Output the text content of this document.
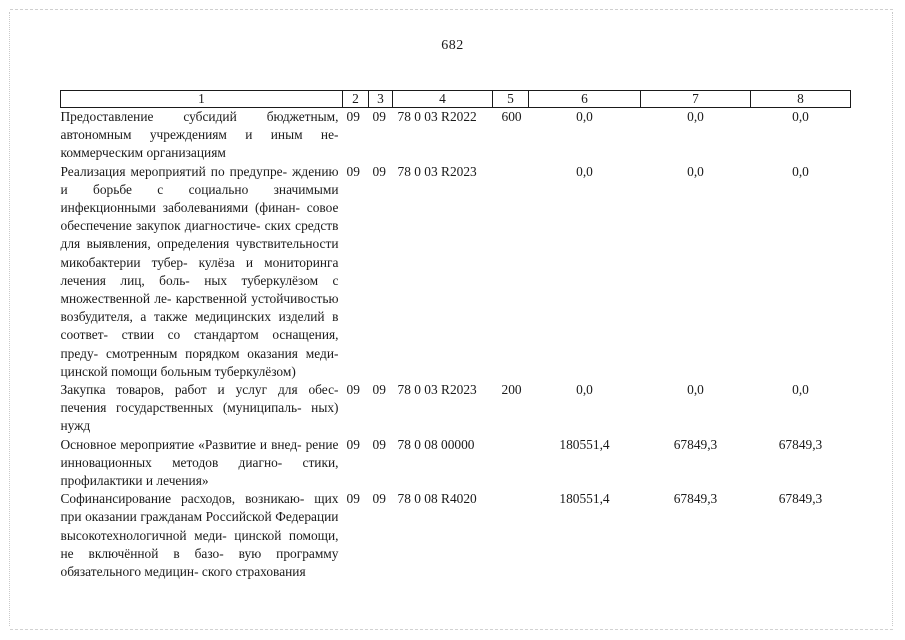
682
1	2	3	4	5	6	7	8
Предоставление субсидий бюджетным, автономным учреждениям и иным не- коммерческим организациям	09	09	78 0 03 R2022	600	0,0	0,0	0,0
Реализация мероприятий по предупре- ждению и борьбе с социально значимыми инфекционными заболеваниями (финан- совое обеспечение закупок диагностиче- ских средств для выявления, определения чувствительности микобактерии тубер- кулёза и мониторинга лечения лиц, боль- ных туберкулёзом с множественной ле- карственной устойчивостью возбудителя, а также медицинских изделий в соответ- ствии со стандартом оснащения, преду- смотренным порядком оказания меди- цинской помощи больным туберкулёзом)	09	09	78 0 03 R2023		0,0	0,0	0,0
Закупка товаров, работ и услуг для обес- печения государственных (муниципаль- ных) нужд	09	09	78 0 03 R2023	200	0,0	0,0	0,0
Основное мероприятие «Развитие и внед- рение инновационных методов диагно- стики, профилактики и лечения»	09	09	78 0 08 00000		180551,4	67849,3	67849,3
Софинансирование расходов, возникаю- щих при оказании гражданам Российской Федерации высокотехнологичной меди- цинской помощи, не включённой в базо- вую программу обязательного медицин- ского страхования	09	09	78 0 08 R4020		180551,4	67849,3	67849,3
